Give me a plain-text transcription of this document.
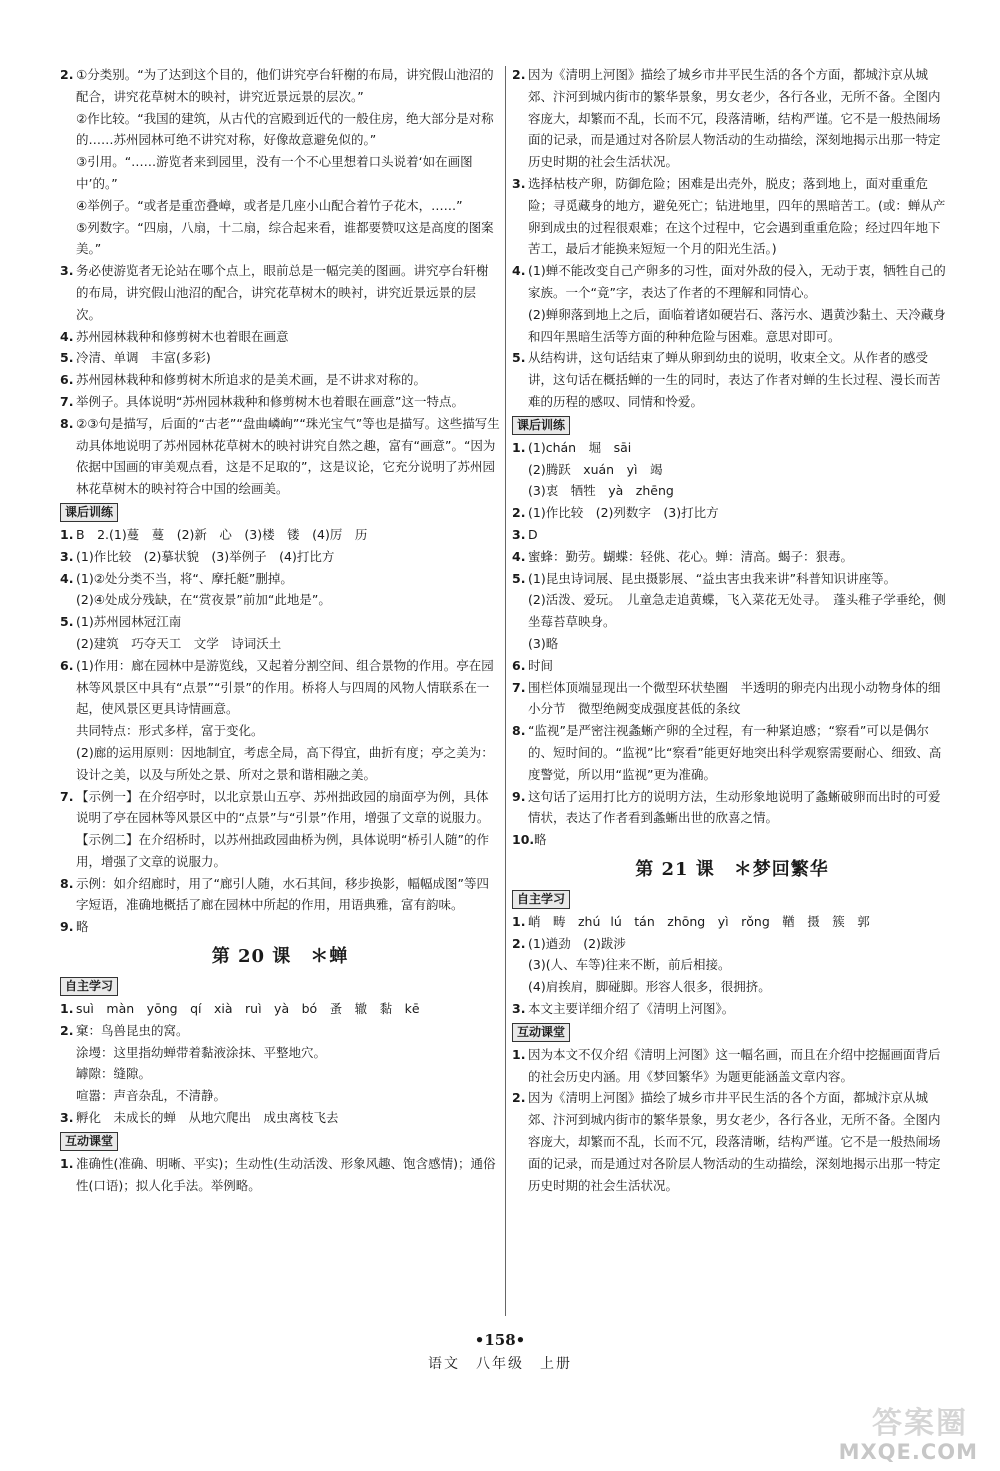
2. ①分类别。“为了达到这个目的，他们讲究亭台轩榭的布局，讲究假山池沼的配合，讲究花草树木的映衬，讲究近景远景的层次。”

②作比较。“我国的建筑，从古代的宫殿到近代的一般住房，绝大部分是对称的……苏州园林可绝不讲究对称，好像故意避免似的。”

③引用。“……游览者来到园里，没有一个不心里想着口头说着‘如在画图中’的。”

④举例子。“或者是重峦叠嶂，或者是几座小山配合着竹子花木，……”

⑤列数字。“四扇，八扇，十二扇，综合起来看，谁都要赞叹这是高度的图案美。”

3. 务必使游览者无论站在哪个点上，眼前总是一幅完美的图画。讲究亭台轩榭的布局，讲究假山池沼的配合，讲究花草树木的映衬，讲究近景远景的层次。

4. 苏州园林栽种和修剪树木也着眼在画意

5. 冷清、单调　丰富(多彩)

6. 苏州园林栽种和修剪树木所追求的是美术画，是不讲求对称的。

7. 举例子。具体说明“苏州园林栽种和修剪树木也着眼在画意”这一特点。

8. ②③句是描写，后面的“古老”“盘曲嶙峋”“珠光宝气”等也是描写。这些描写生动具体地说明了苏州园林花草树木的映衬讲究自然之趣，富有“画意”。“因为依据中国画的审美观点看，这是不足取的”，这是议论，它充分说明了苏州园林花草树木的映衬符合中国的绘画美。

课后训练
1. B　2.(1)蔓　蔓　(2)新　心　(3)楼　镂　(4)厉　历

3. (1)作比较　(2)摹状貌　(3)举例子　(4)打比方

4. (1)②处分类不当，将“、摩托艇”删掉。

(2)④处成分残缺，在“赏夜景”前加“此地是”。

5. (1)苏州园林冠江南

(2)建筑　巧夺天工　文学　诗词沃土

6. (1)作用：廊在园林中是游览线，又起着分割空间、组合景物的作用。亭在园林等风景区中具有“点景”“引景”的作用。桥将人与四周的风物人情联系在一起，使风景区更具诗情画意。

共同特点：形式多样，富于变化。

(2)廊的运用原则：因地制宜，考虑全局，高下得宜，曲折有度；亭之美为：设计之美，以及与所处之景、所对之景和谐相融之美。

7. 【示例一】在介绍亭时，以北京景山五亭、苏州拙政园的扇面亭为例，具体说明了亭在园林等风景区中的“点景”与“引景”作用，增强了文章的说服力。

【示例二】在介绍桥时，以苏州拙政园曲桥为例，具体说明“桥引人随”的作用，增强了文章的说服力。

8. 示例：如介绍廊时，用了“廊引人随，水石其间，移步换影，幅幅成图”等四字短语，准确地概括了廊在园林中所起的作用，用语典雅，富有韵味。

9. 略

第 20 课　＊蝉
自主学习
1. suì　màn　yōng　qí　xià　ruì　yà　bó　蚤　辙　黏　kē

2. 窠：鸟兽昆虫的窝。

涂墁：这里指幼蝉带着黏液涂抹、平整地穴。

罅隙：缝隙。

喧嚣：声音杂乱，不清静。

3. 孵化　未成长的蝉　从地穴爬出　成虫离枝飞去

互动课堂
1. 准确性(准确、明晰、平实)；生动性(生动活泼、形象风趣、饱含感情)；通俗性(口语)；拟人化手法。举例略。

2. 因为《清明上河图》描绘了城乡市井平民生活的各个方面，都城汴京从城郊、汴河到城内街市的繁华景象，男女老少，各行各业，无所不备。全图内容庞大，却繁而不乱，长而不冗，段落清晰，结构严谨。它不是一般热闹场面的记录，而是通过对各阶层人物活动的生动描绘，深刻地揭示出那一特定历史时期的社会生活状况。

3. 选择枯枝产卵，防御危险；困难是出壳外，脱皮；落到地上，面对重重危险；寻觅藏身的地方，避免死亡；钻进地里，四年的黑暗苦工。(或：蝉从产卵到成虫的过程很艰难；在这个过程中，它会遇到重重危险；经过四年地下苦工，最后才能换来短短一个月的阳光生活。)

4. (1)蝉不能改变自己产卵多的习性，面对外敌的侵入，无动于衷，牺牲自己的家族。一个“竟”字，表达了作者的不理解和同情心。

(2)蝉卵落到地上之后，面临着诸如硬岩石、落污水、遇黄沙黏土、天冷藏身和四年黑暗生活等方面的种种危险与困难。意思对即可。

5. 从结构讲，这句话结束了蝉从卵到幼虫的说明，收束全文。从作者的感受讲，这句话在概括蝉的一生的同时，表达了作者对蝉的生长过程、漫长而苦难的历程的感叹、同情和怜爱。

课后训练
1. (1)chán　堀　sāi

(2)腾跃　xuán　yì　竭

(3)衷　牺牲　yà　zhēng

2. (1)作比较　(2)列数字　(3)打比方

3. D

4. 蜜蜂：勤劳。蝴蝶：轻佻、花心。蝉：清高。蝎子：狠毒。

5. (1)昆虫诗词展、昆虫摄影展、“益虫害虫我来讲”科普知识讲座等。

(2)活泼、爱玩。　儿童急走追黄蝶，飞入菜花无处寻。　蓬头稚子学垂纶，侧坐莓苔草映身。

(3)略

6. 时间

7. 围栏体顶端显现出一个微型环状垫圈　半透明的卵壳内出现小动物身体的细小分节　微型绝阙变成强度甚低的条纹

8. “监视”是严密注视螽蜥产卵的全过程，有一种紧迫感；“察看”可以是偶尔的、短时间的。“监视”比“察看”能更好地突出科学观察需要耐心、细致、高度警觉，所以用“监视”更为准确。

9. 这句话了运用打比方的说明方法，生动形象地说明了螽蜥破卵而出时的可爱情状，表达了作者看到螽蜥出世的欣喜之情。

10. 略

第 21 课　＊梦回繁华
自主学习
1. 峭　畴　zhú lú　tán　zhōng　yì　rǒng　鞧　摄　簇　郭

2. (1)遒劲　(2)跋涉

(3)(人、车等)往来不断，前后相接。

(4)肩挨肩，脚碰脚。形容人很多，很拥挤。

3. 本文主要详细介绍了《清明上河图》。

互动课堂
1. 因为本文不仅介绍《清明上河图》这一幅名画，而且在介绍中挖掘画面背后的社会历史内涵。用《梦回繁华》为题更能涵盖文章内容。

2. 因为《清明上河图》描绘了城乡市井平民生活的各个方面，都城汴京从城郊、汴河到城内街市的繁华景象，男女老少，各行各业，无所不备。全图内容庞大，却繁而不乱，长而不冗，段落清晰，结构严谨。它不是一般热闹场面的记录，而是通过对各阶层人物活动的生动描绘，深刻地揭示出那一特定历史时期的社会生活状况。

•158•
语文　八年级　上册
答案圈
MXQE.COM
